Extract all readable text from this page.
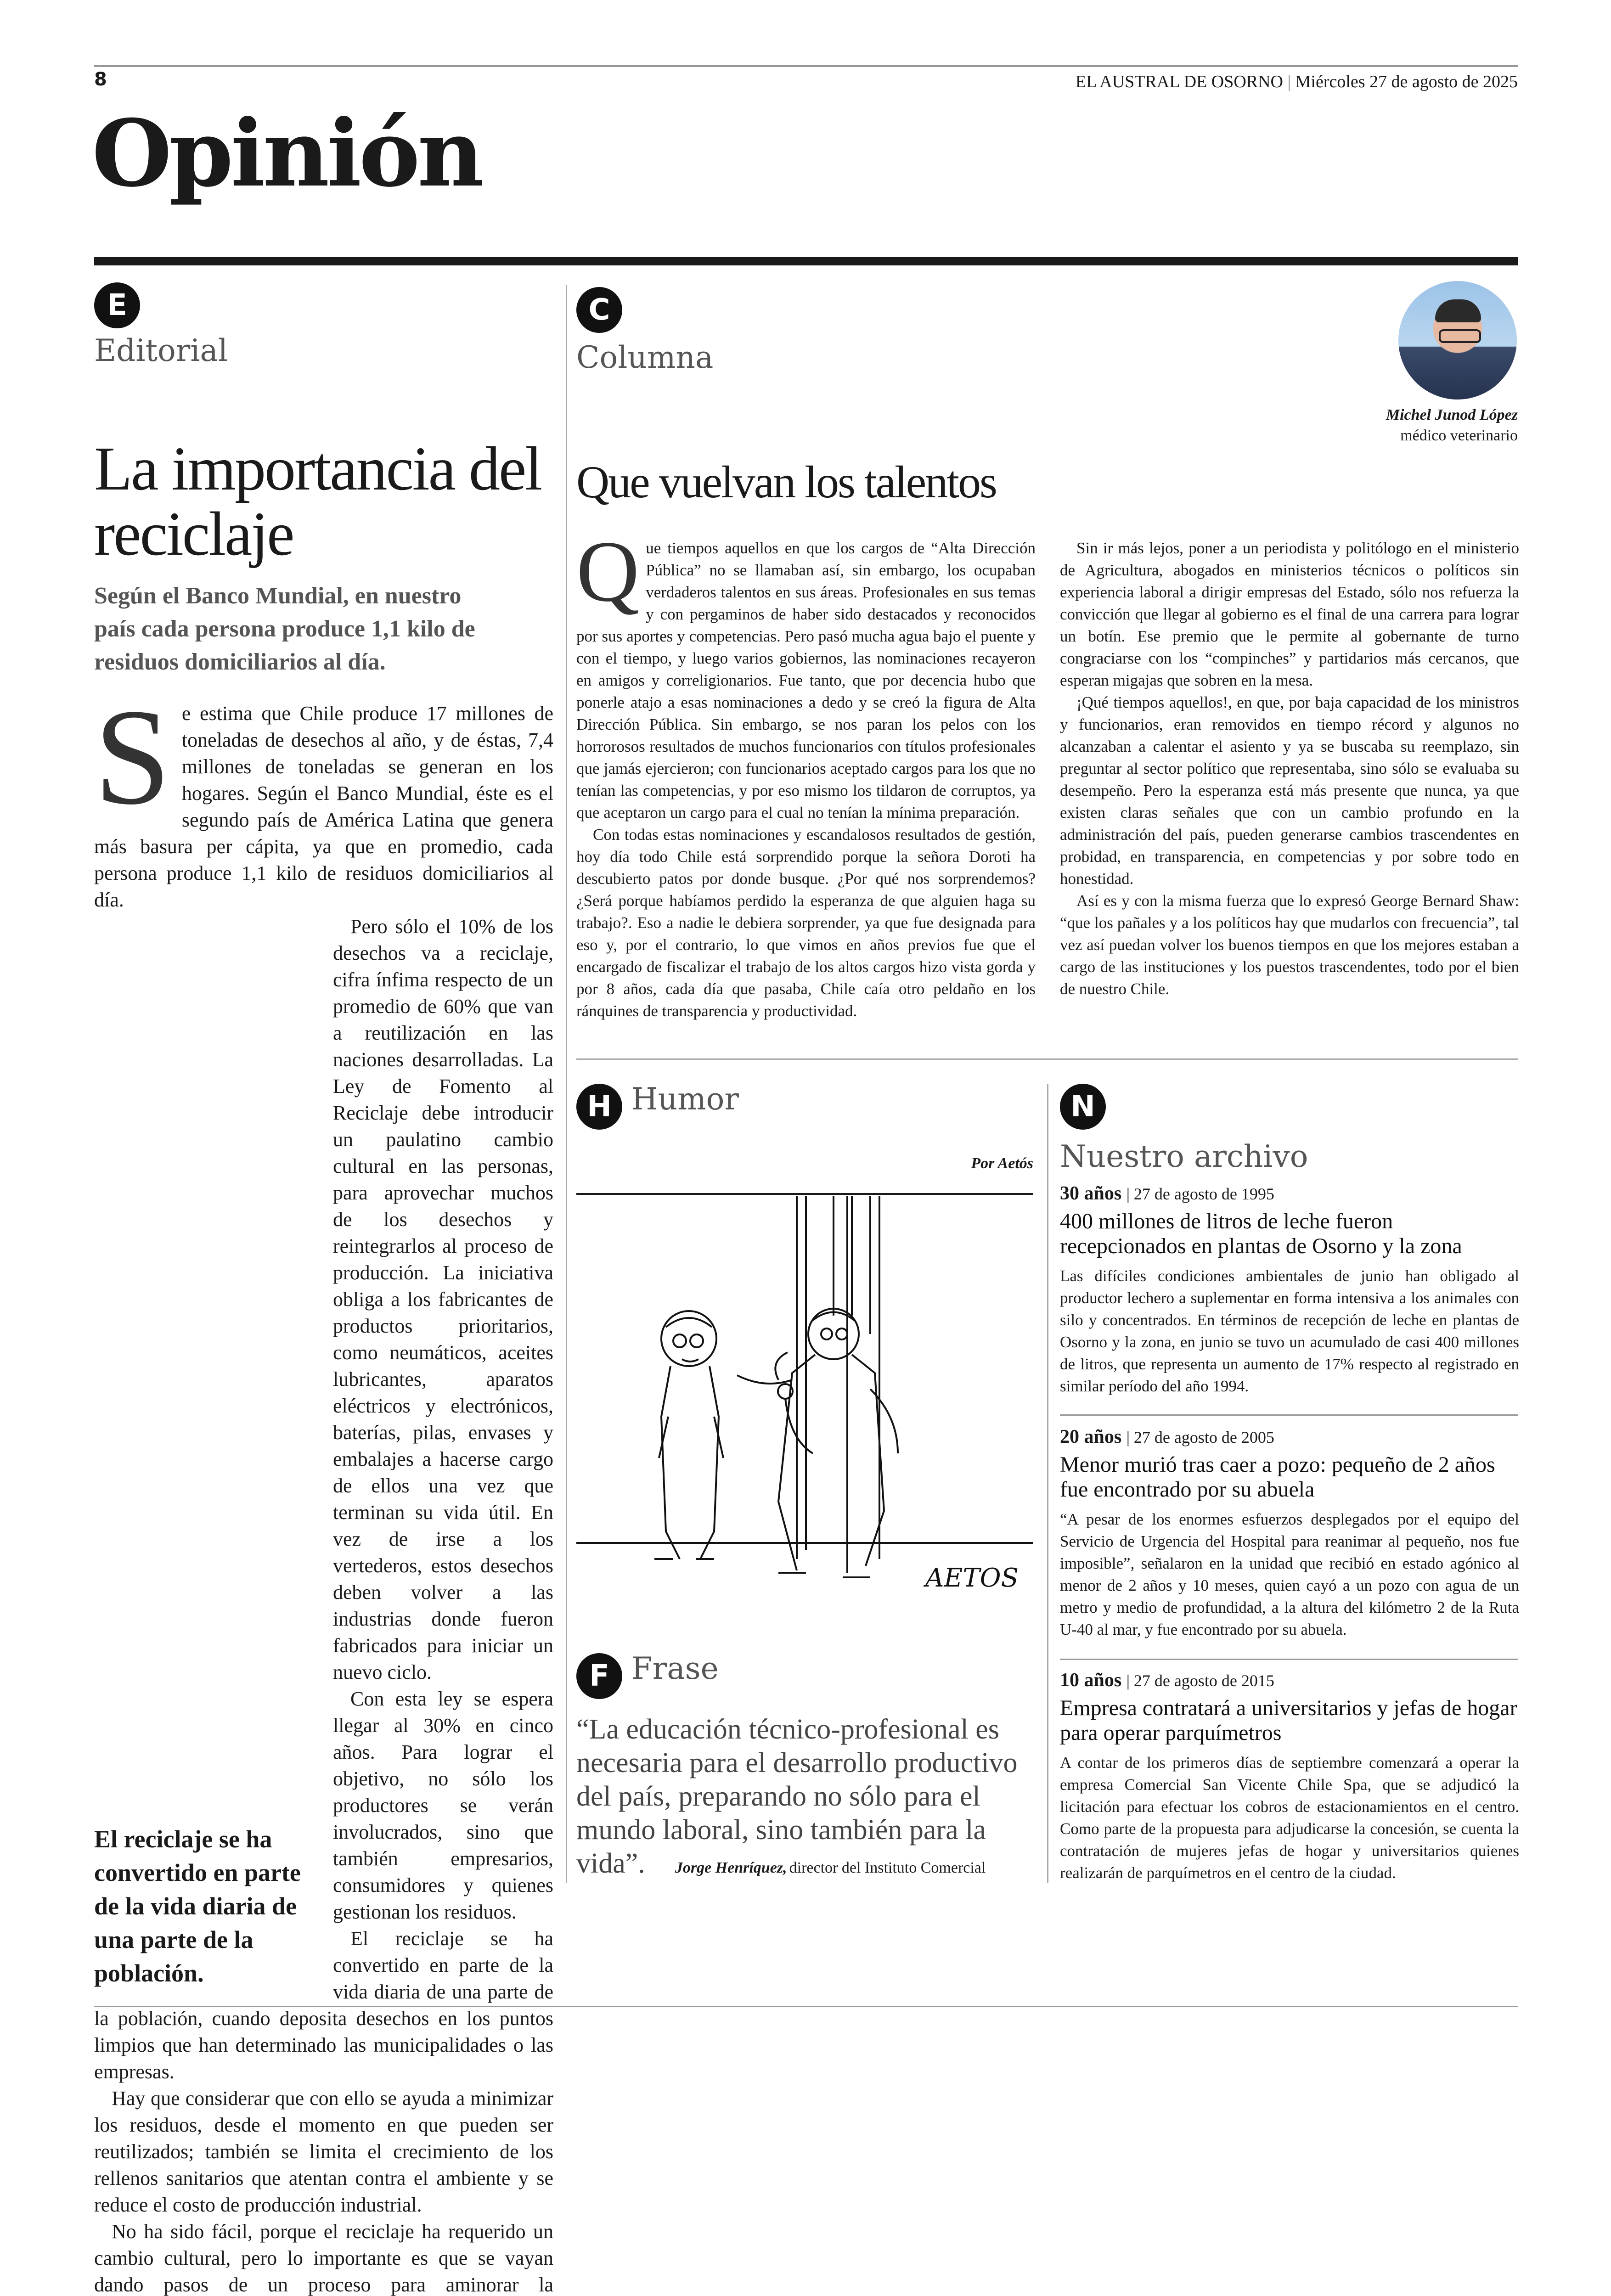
8	EL AUSTRAL DE OSORNO | Miércoles 27 de agosto de 2025
Opinión
E
Editorial
La importancia del reciclaje
Según el Banco Mundial, en nuestro país cada persona produce 1,1 kilo de residuos domiciliarios al día.

Se estima que Chile produce 17 millones de toneladas de desechos al año, y de éstas, 7,4 millones de toneladas se generan en los hogares. Según el Banco Mundial, éste es el segundo país de América Latina que genera más basura per cápita, ya que en promedio, cada persona produce 1,1 kilo de residuos domiciliarios al día.

El reciclaje se ha convertido en parte de la vida diaria de una parte de la población.
Pero sólo el 10% de los desechos va a reciclaje, cifra ínfima respecto de un promedio de 60% que van a reutilización en las naciones desarrolladas. La Ley de Fomento al Reciclaje debe introducir un paulatino cambio cultural en las personas, para aprovechar muchos de los desechos y reintegrarlos al proceso de producción. La iniciativa obliga a los fabricantes de productos prioritarios, como neumáticos, aceites lubricantes, aparatos eléctricos y electrónicos, baterías, pilas, envases y embalajes a hacerse cargo de ellos una vez que terminan su vida útil. En vez de irse a los vertederos, estos desechos deben volver a las industrias donde fueron fabricados para iniciar un nuevo ciclo.

Con esta ley se espera llegar al 30% en cinco años. Para lograr el objetivo, no sólo los productores se verán involucrados, sino que también empresarios, consumidores y quienes gestionan los residuos.

El reciclaje se ha convertido en parte de la vida diaria de una parte de la población, cuando deposita desechos en los puntos limpios que han determinado las municipalidades o las empresas.

Hay que considerar que con ello se ayuda a minimizar los residuos, desde el momento en que pueden ser reutilizados; también se limita el crecimiento de los rellenos sanitarios que atentan contra el ambiente y se reduce el costo de producción industrial.

No ha sido fácil, porque el reciclaje ha requerido un cambio cultural, pero lo importante es que se vayan dando pasos de un proceso para aminorar la

C
Columna
Michel Junod López
médico veterinario
Que vuelvan los talentos

Que tiempos aquellos en que los cargos de “Alta Dirección Pública” no se llamaban así, sin embargo, los ocupaban verdaderos talentos en sus áreas. Profesionales en sus temas y con pergaminos de haber sido destacados y reconocidos por sus aportes y competencias. Pero pasó mucha agua bajo el puente y con el tiempo, y luego varios gobiernos, las nominaciones recayeron en amigos y correligionarios. Fue tanto, que por decencia hubo que ponerle atajo a esas nominaciones a dedo y se creó la figura de Alta Dirección Pública. Sin embargo, se nos paran los pelos con los horrorosos resultados de muchos funcionarios con títulos profesionales que jamás ejercieron; con funcionarios aceptado cargos para los que no tenían las competencias, y por eso mismo los tildaron de corruptos, ya que aceptaron un cargo para el cual no tenían la mínima preparación.

Con todas estas nominaciones y escandalosos resultados de gestión, hoy día todo Chile está sorprendido porque la señora Doroti ha descubierto patos por donde busque. ¿Por qué nos sorprendemos? ¿Será porque habíamos perdido la esperanza de que alguien haga su trabajo?. Eso a nadie le debiera sorprender, ya que fue designada para eso y, por el contrario, lo que vimos en años previos fue que el encargado de fiscalizar el trabajo de los altos cargos hizo vista gorda y por 8 años, cada día que pasaba, Chile caía otro peldaño en los ránquines de transparencia y productividad.

Sin ir más lejos, poner a un periodista y politólogo en el ministerio de Agricultura, abogados en ministerios técnicos o políticos sin experiencia laboral a dirigir empresas del Estado, sólo nos refuerza la convicción que llegar al gobierno es el final de una carrera para lograr un botín. Ese premio que le permite al gobernante de turno congraciarse con los “compinches” y partidarios más cercanos, que esperan migajas que sobren en la mesa.

¡Qué tiempos aquellos!, en que, por baja capacidad de los ministros y funcionarios, eran removidos en tiempo récord y algunos no alcanzaban a calentar el asiento y ya se buscaba su reemplazo, sin preguntar al sector político que representaba, sino sólo se evaluaba su desempeño. Pero la esperanza está más presente que nunca, ya que existen claras señales que con un cambio profundo en la administración del país, pueden generarse cambios trascendentes en probidad, en transparencia, en competencias y por sobre todo en honestidad.

Así es y con la misma fuerza que lo expresó George Bernard Shaw: “que los pañales y a los políticos hay que mudarlos con frecuencia”, tal vez así puedan volver los buenos tiempos en que los mejores estaban a cargo de las instituciones y los puestos trascendentes, todo por el bien de nuestro Chile.

H Humor
Por Aetós
AETOS
F Frase
“La educación técnico-profesional es necesaria para el desarrollo productivo del país, preparando no sólo para el mundo laboral, sino también para la vida”. Jorge Henríquez, director del Instituto Comercial
N
Nuestro archivo
30 años | 27 de agosto de 1995

400 millones de litros de leche fueron recepcionados en plantas de Osorno y la zona

Las difíciles condiciones ambientales de junio han obligado al productor lechero a suplementar en forma intensiva a los animales con silo y concentrados. En términos de recepción de leche en plantas de Osorno y la zona, en junio se tuvo un acumulado de casi 400 millones de litros, que representa un aumento de 17% respecto al registrado en similar período del año 1994.

20 años | 27 de agosto de 2005

Menor murió tras caer a pozo: pequeño de 2 años fue encontrado por su abuela

“A pesar de los enormes esfuerzos desplegados por el equipo del Servicio de Urgencia del Hospital para reanimar al pequeño, nos fue imposible”, señalaron en la unidad que recibió en estado agónico al menor de 2 años y 10 meses, quien cayó a un pozo con agua de un metro y medio de profundidad, a la altura del kilómetro 2 de la Ruta U-40 al mar, y fue encontrado por su abuela.

10 años | 27 de agosto de 2015

Empresa contratará a universitarios y jefas de hogar para operar parquímetros

A contar de los primeros días de septiembre comenzará a operar la empresa Comercial San Vicente Chile Spa, que se adjudicó la licitación para efectuar los cobros de estacionamientos en el centro. Como parte de la propuesta para adjudicarse la concesión, se cuenta la contratación de mujeres jefas de hogar y universitarios quienes realizarán de parquímetros en el centro de la ciudad.
